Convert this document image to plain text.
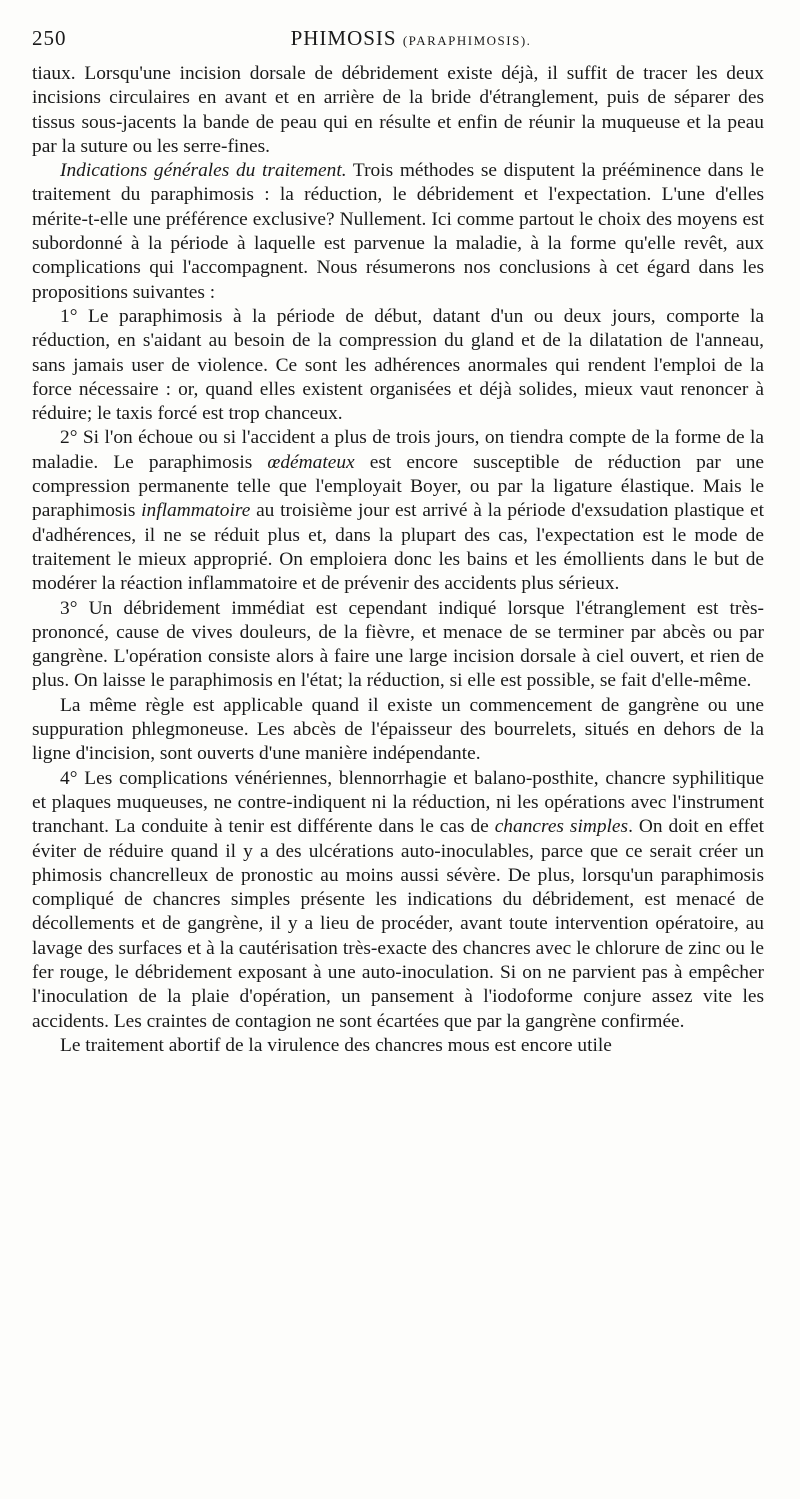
250	PHIMOSIS (PARAPHIMOSIS).

tiaux. Lorsqu'une incision dorsale de débridement existe déjà, il suffit de tracer les deux incisions circulaires en avant et en arrière de la bride d'étranglement, puis de séparer des tissus sous-jacents la bande de peau qui en résulte et enfin de réunir la muqueuse et la peau par la suture ou les serre-fines.

Indications générales du traitement. Trois méthodes se disputent la prééminence dans le traitement du paraphimosis : la réduction, le débridement et l'expectation. L'une d'elles mérite-t-elle une préférence exclusive? Nullement. Ici comme partout le choix des moyens est subordonné à la période à laquelle est parvenue la maladie, à la forme qu'elle revêt, aux complications qui l'accompagnent. Nous résumerons nos conclusions à cet égard dans les propositions suivantes :

1° Le paraphimosis à la période de début, datant d'un ou deux jours, comporte la réduction, en s'aidant au besoin de la compression du gland et de la dilatation de l'anneau, sans jamais user de violence. Ce sont les adhérences anormales qui rendent l'emploi de la force nécessaire : or, quand elles existent organisées et déjà solides, mieux vaut renoncer à réduire; le taxis forcé est trop chanceux.

2° Si l'on échoue ou si l'accident a plus de trois jours, on tiendra compte de la forme de la maladie. Le paraphimosis œdémateux est encore susceptible de réduction par une compression permanente telle que l'employait Boyer, ou par la ligature élastique. Mais le paraphimosis inflammatoire au troisième jour est arrivé à la période d'exsudation plastique et d'adhérences, il ne se réduit plus et, dans la plupart des cas, l'expectation est le mode de traitement le mieux approprié. On emploiera donc les bains et les émollients dans le but de modérer la réaction inflammatoire et de prévenir des accidents plus sérieux.

3° Un débridement immédiat est cependant indiqué lorsque l'étranglement est très-prononcé, cause de vives douleurs, de la fièvre, et menace de se terminer par abcès ou par gangrène. L'opération consiste alors à faire une large incision dorsale à ciel ouvert, et rien de plus. On laisse le paraphimosis en l'état; la réduction, si elle est possible, se fait d'elle-même.

La même règle est applicable quand il existe un commencement de gangrène ou une suppuration phlegmoneuse. Les abcès de l'épaisseur des bourrelets, situés en dehors de la ligne d'incision, sont ouverts d'une manière indépendante.

4° Les complications vénériennes, blennorrhagie et balano-posthite, chancre syphilitique et plaques muqueuses, ne contre-indiquent ni la réduction, ni les opérations avec l'instrument tranchant. La conduite à tenir est différente dans le cas de chancres simples. On doit en effet éviter de réduire quand il y a des ulcérations auto-inoculables, parce que ce serait créer un phimosis chancrelleux de pronostic au moins aussi sévère. De plus, lorsqu'un paraphimosis compliqué de chancres simples présente les indications du débridement, est menacé de décollements et de gangrène, il y a lieu de procéder, avant toute intervention opératoire, au lavage des surfaces et à la cautérisation très-exacte des chancres avec le chlorure de zinc ou le fer rouge, le débridement exposant à une auto-inoculation. Si on ne parvient pas à empêcher l'inoculation de la plaie d'opération, un pansement à l'iodoforme conjure assez vite les accidents. Les craintes de contagion ne sont écartées que par la gangrène confirmée.

Le traitement abortif de la virulence des chancres mous est encore utile
